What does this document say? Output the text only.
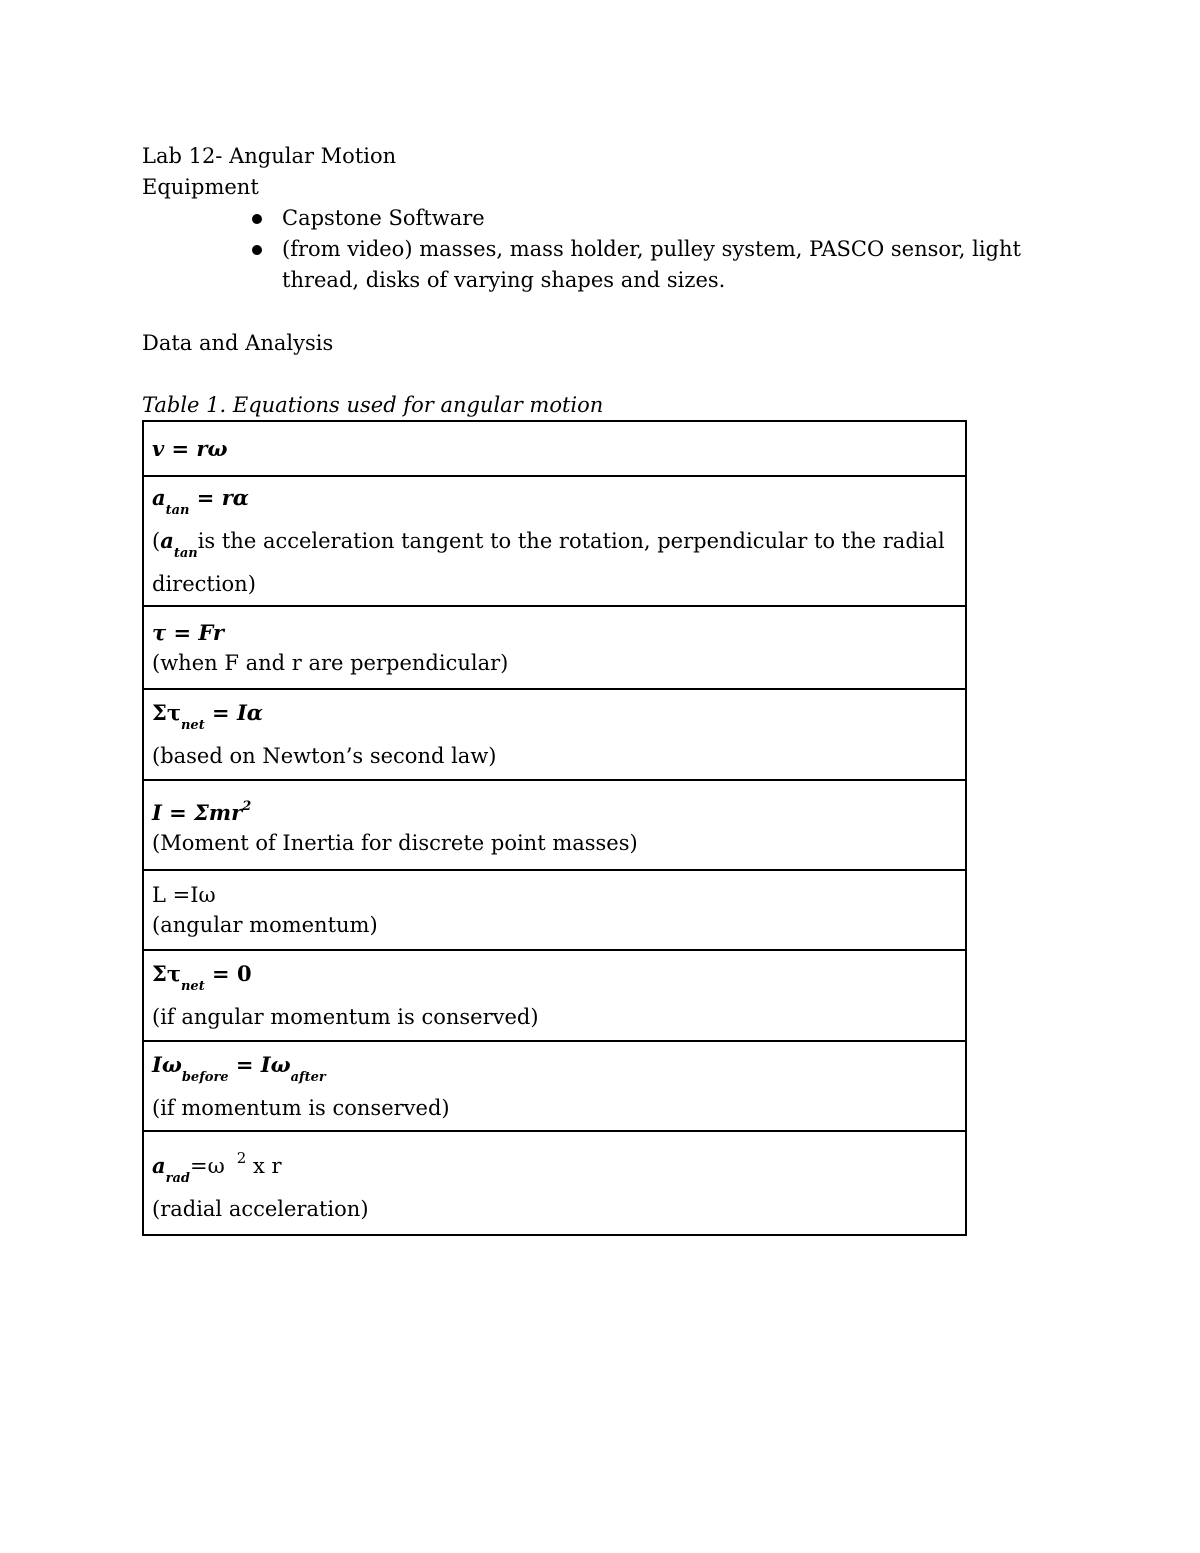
Lab 12- Angular Motion
Equipment
Capstone Software
(from video) masses, mass holder, pulley system, PASCO sensor, light thread, disks of varying shapes and sizes.
Data and Analysis
Table 1. Equations used for angular motion
v = rω
$a_{tan} = r\alpha$
($a_{tan}is$ the acceleration tangent to the rotation, perpendicular to the radial direction)

τ = Fr
(when F and r are perpendicular)

$\Sigma\tau_{net} = I\alpha$
(based on Newton’s second law)

I = Σmr$^2$
(Moment of Inertia for discrete point masses)

L =Iω
(angular momentum)

$\Sigma\tau_{net} = 0$
(if angular momentum is conserved)

$I\omega_{before} = I\omega_{after}$
(if momentum is conserved)

$a_{rad}=\omega$ $^2$ x r
(radial acceleration)
